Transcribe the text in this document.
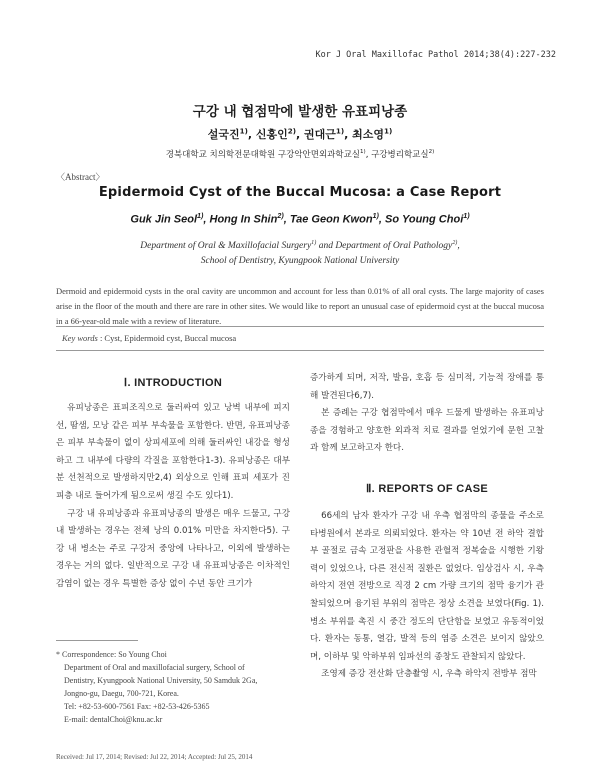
Kor J Oral Maxillofac Pathol 2014;38(4):227-232
구강 내 협점막에 발생한 유표피낭종
설국진$^{1)}$, 신홍인$^{2)}$, 권대근$^{1)}$, 최소영$^{1)}$
경북대학교 치의학전문대학원 구강악안면외과학교실$^{1)}$, 구강병리학교실$^{2)}$
〈Abstract〉
Epidermoid Cyst of the Buccal Mucosa: a Case Report
Guk Jin Seol$^{1)}$, Hong In Shin$^{2)}$, Tae Geon Kwon$^{1)}$, So Young Choi$^{1)}$
Department of Oral & Maxillofacial Surgery$^{1)}$ and Department of Oral Pathology$^{2)}$,
School of Dentistry, Kyungpook National University
Dermoid and epidermoid cysts in the oral cavity are uncommon and account for less than 0.01% of all oral cysts. The large majority of cases arise in the floor of the mouth and there are rare in other sites. We would like to report an unusual case of epidermoid cyst at the buccal mucosa in a 66-year-old male with a review of literature.
Key words : Cyst, Epidermoid cyst, Buccal mucosa
Ⅰ. INTRODUCTION

유피낭종은 표피조직으로 둘러싸여 있고 낭벽 내부에 피지선, 땀샘, 모낭 같은 피부 부속물을 포함한다. 반면, 유표피낭종은 피부 부속물이 없이 상피세포에 의해 둘러싸인 내강을 형성하고 그 내부에 다량의 각질을 포함한다1-3). 유피낭종은 대부분 선천적으로 발생하지만2,4) 외상으로 인해 표피 세포가 진피층 내로 들어가게 됨으로써 생길 수도 있다1).

구강 내 유피낭종과 유표피낭종의 발생은 매우 드물고, 구강 내 발생하는 경우는 전체 낭의 0.01% 미만을 차지한다5). 구강 내 병소는 주로 구강저 중앙에 나타나고, 이외에 발생하는 경우는 거의 없다. 일반적으로 구강 내 유표피낭종은 이차적인 감염이 없는 경우 특별한 증상 없이 수년 동안 크기가

* Correspondence: So Young Choi
Department of Oral and maxillofacial surgery, School of
Dentistry, Kyungpook National University, 50 Samduk 2Ga,
Jongno-gu, Daegu, 700-721, Korea.
Tel: +82-53-600-7561 Fax: +82-53-426-5365
E-mail: dentalChoi@knu.ac.kr
Received: Jul 17, 2014; Revised: Jul 22, 2014; Accepted: Jul 25, 2014

증가하게 되며, 저작, 발음, 호흡 등 심미적, 기능적 장애를 통해 발견된다6,7).

본 증례는 구강 협점막에서 매우 드물게 발생하는 유표피낭종을 경험하고 양호한 외과적 치료 결과를 얻었기에 문헌 고찰과 함께 보고하고자 한다.

Ⅱ. REPORTS OF CASE

66세의 남자 환자가 구강 내 우측 협점막의 종물을 주소로 타병원에서 본과로 의뢰되었다. 환자는 약 10년 전 하악 결합부 골절로 금속 고정판을 사용한 관혈적 정복술을 시행한 기왕력이 있었으나, 다른 전신적 질환은 없었다. 임상검사 시, 우측 하악지 전연 전방으로 직경 2 cm 가량 크기의 점막 융기가 관찰되었으며 융기된 부위의 점막은 정상 소견을 보였다(Fig. 1). 병소 부위를 촉진 시 중간 정도의 단단함을 보였고 유동적이었다. 환자는 동통, 열감, 발적 등의 염증 소견은 보이지 않았으며, 이하부 및 악하부위 임파선의 종창도 관찰되지 않았다.

조영제 증강 전산화 단층촬영 시, 우측 하악지 전방부 점막
